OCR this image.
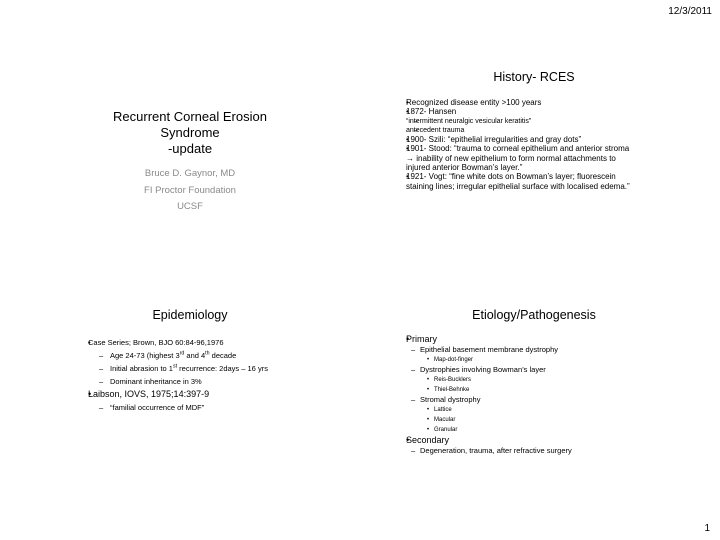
12/3/2011
Recurrent Corneal Erosion
Syndrome
-update
Bruce D. Gaynor, MD
FI Proctor Foundation
UCSF
History- RCES
• Recognized disease entity >100 years
• 1872- Hansen
– “intermittent neuralgic vesicular keratitis”
– antecedent trauma
• 1900- Szili: “epithelial irregularities and gray dots”
• 1901- Stood: “trauma to corneal epithelium and anterior stroma → inability of new epithelium to form normal attachments to injured anterior Bowman’s layer.”
• 1921- Vogt: “fine white dots on Bowman’s layer; fluorescein staining lines; irregular epithelial surface with localised edema.”
Epidemiology
• Case Series; Brown, BJO 60:84-96,1976
– Age 24-73 (highest 3rd and 4th decade
– Initial abrasion to 1st recurrence: 2days – 16 yrs
– Dominant inheritance in 3%
• Laibson, IOVS, 1975;14:397-9
– “familial occurrence of MDF”
Etiology/Pathogenesis
• Primary
– Epithelial basement membrane dystrophy
• Map-dot-finger
– Dystrophies involving Bowman’s layer
• Reis-Bucklers
• Thiel-Behnke
– Stromal dystrophy
• Lattice
• Macular
• Granular
• Secondary
– Degeneration, trauma, after refractive surgery
1
